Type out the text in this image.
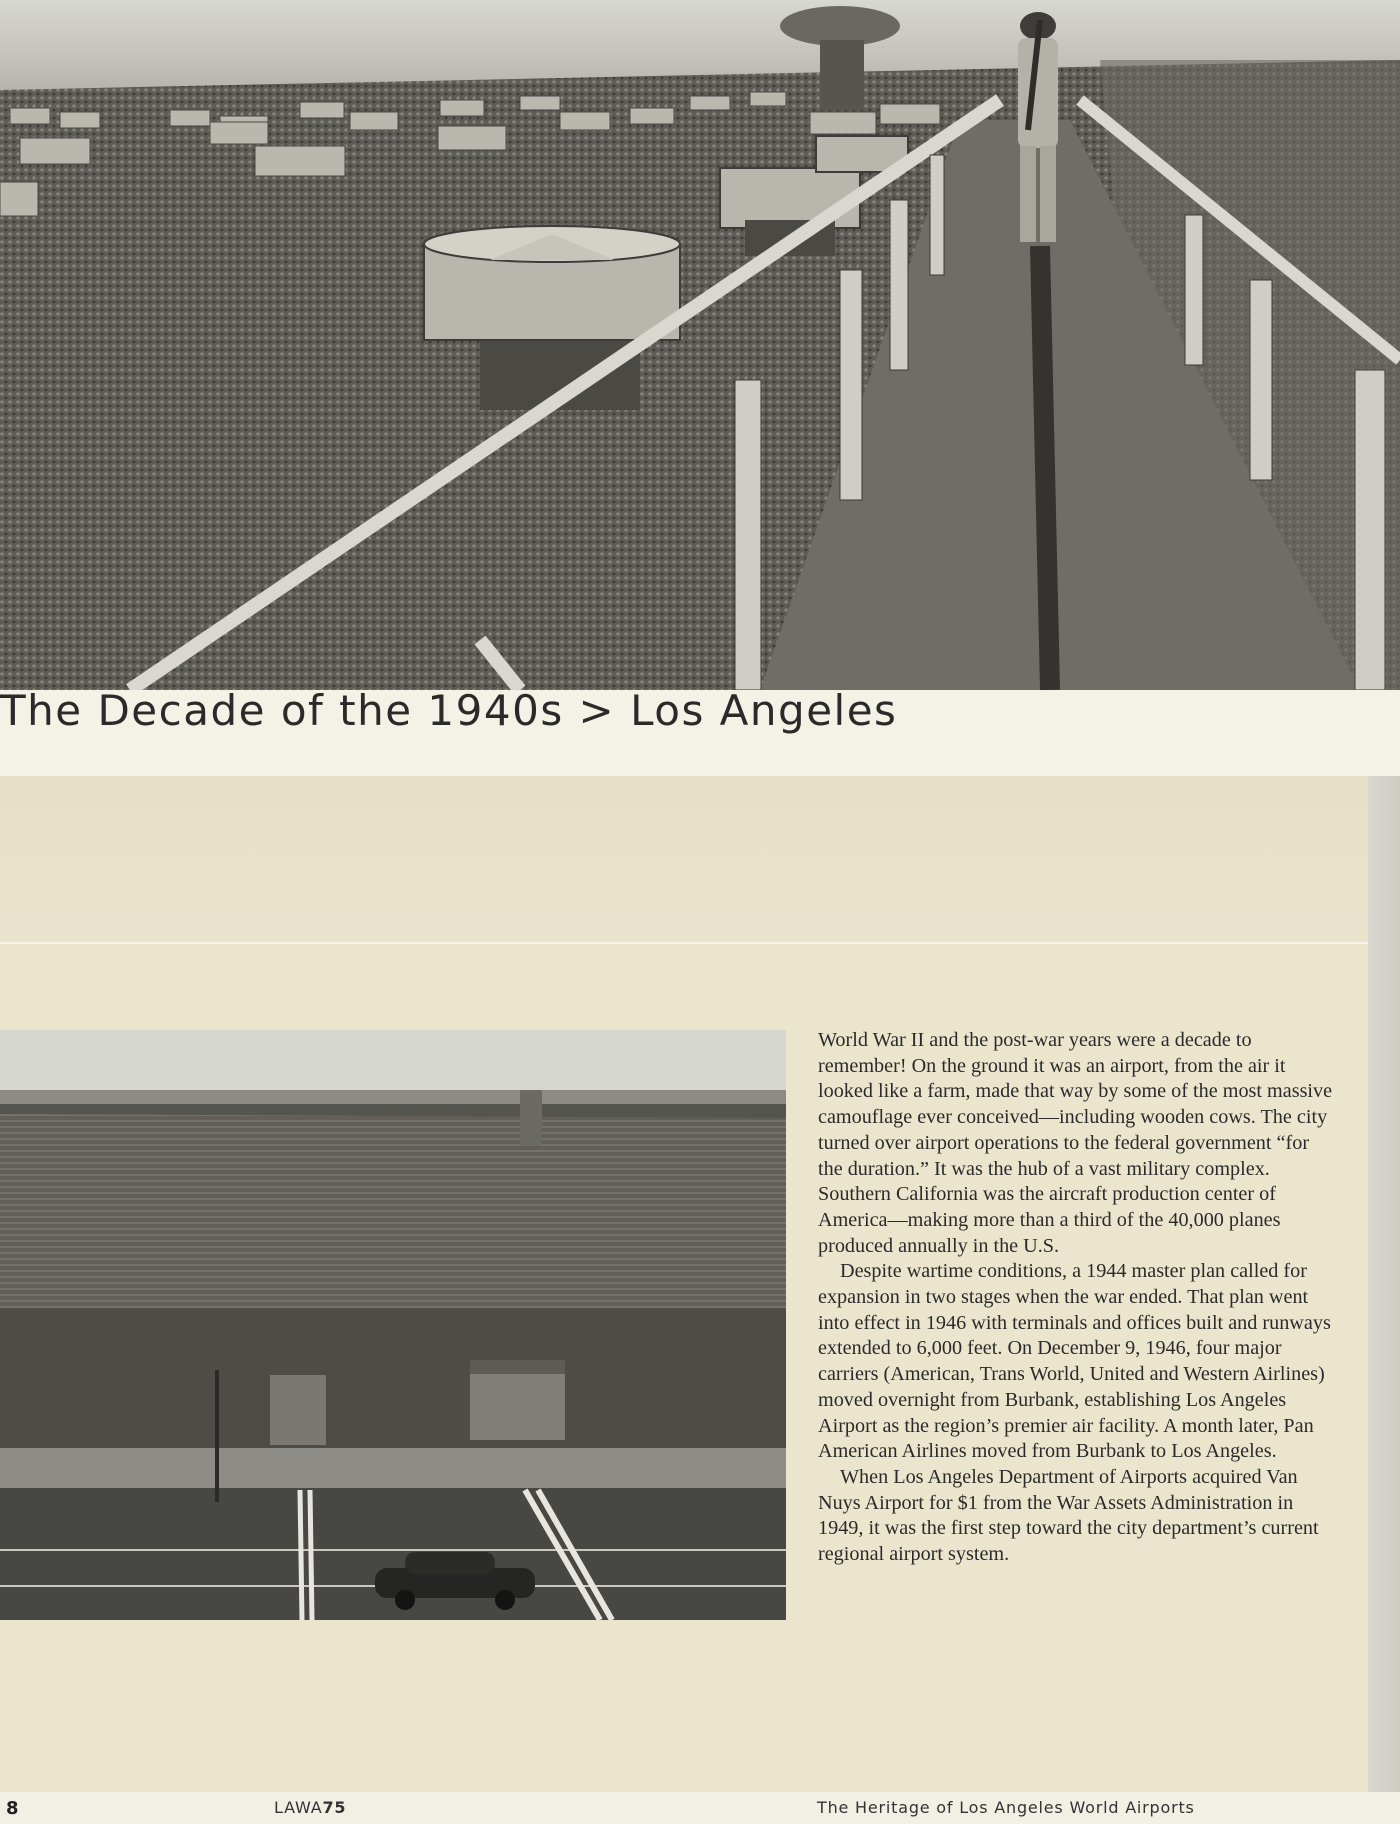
The Decade of the 1940s > Los Angeles

World War II and the post-war years were a decade to remember! On the ground it was an airport, from the air it looked like a farm, made that way by some of the most massive camouflage ever conceived—including wooden cows. The city turned over airport operations to the federal government “for the duration.” It was the hub of a vast military complex. Southern California was the aircraft production center of America—making more than a third of the 40,000 planes produced annually in the U.S.

Despite wartime conditions, a 1944 master plan called for expansion in two stages when the war ended. That plan went into effect in 1946 with terminals and offices built and runways extended to 6,000 feet. On December 9, 1946, four major carriers (American, Trans World, United and Western Airlines) moved overnight from Burbank, establishing Los Angeles Airport as the region’s premier air facility. A month later, Pan American Airlines moved from Burbank to Los Angeles.

When Los Angeles Department of Airports acquired Van Nuys Airport for $1 from the War Assets Administration in 1949, it was the first step toward the city department’s current regional airport system.

8	LAWA75	The Heritage of Los Angeles World Airports
